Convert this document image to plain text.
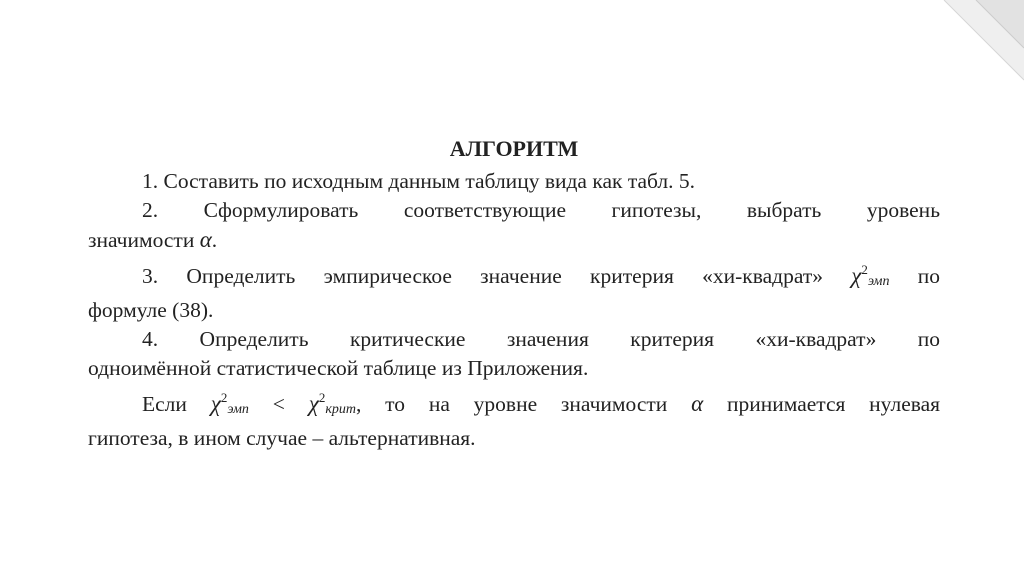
АЛГОРИТМ

1. Составить по исходным данным таблицу вида как табл. 5.

2. Сформулировать соответствующие гипотезы, выбрать уровень

значимости α.

3. Определить эмпирическое значение критерия «хи-квадрат» $\chi^2эмп$ по

формуле (38).

4. Определить критические значения критерия «хи-квадрат» по

одноимённой статистической таблице из Приложения.

Если $\chi^2эмп$ < $\chi^2крит$, то на уровне значимости α принимается нулевая

гипотеза, в ином случае – альтернативная.
